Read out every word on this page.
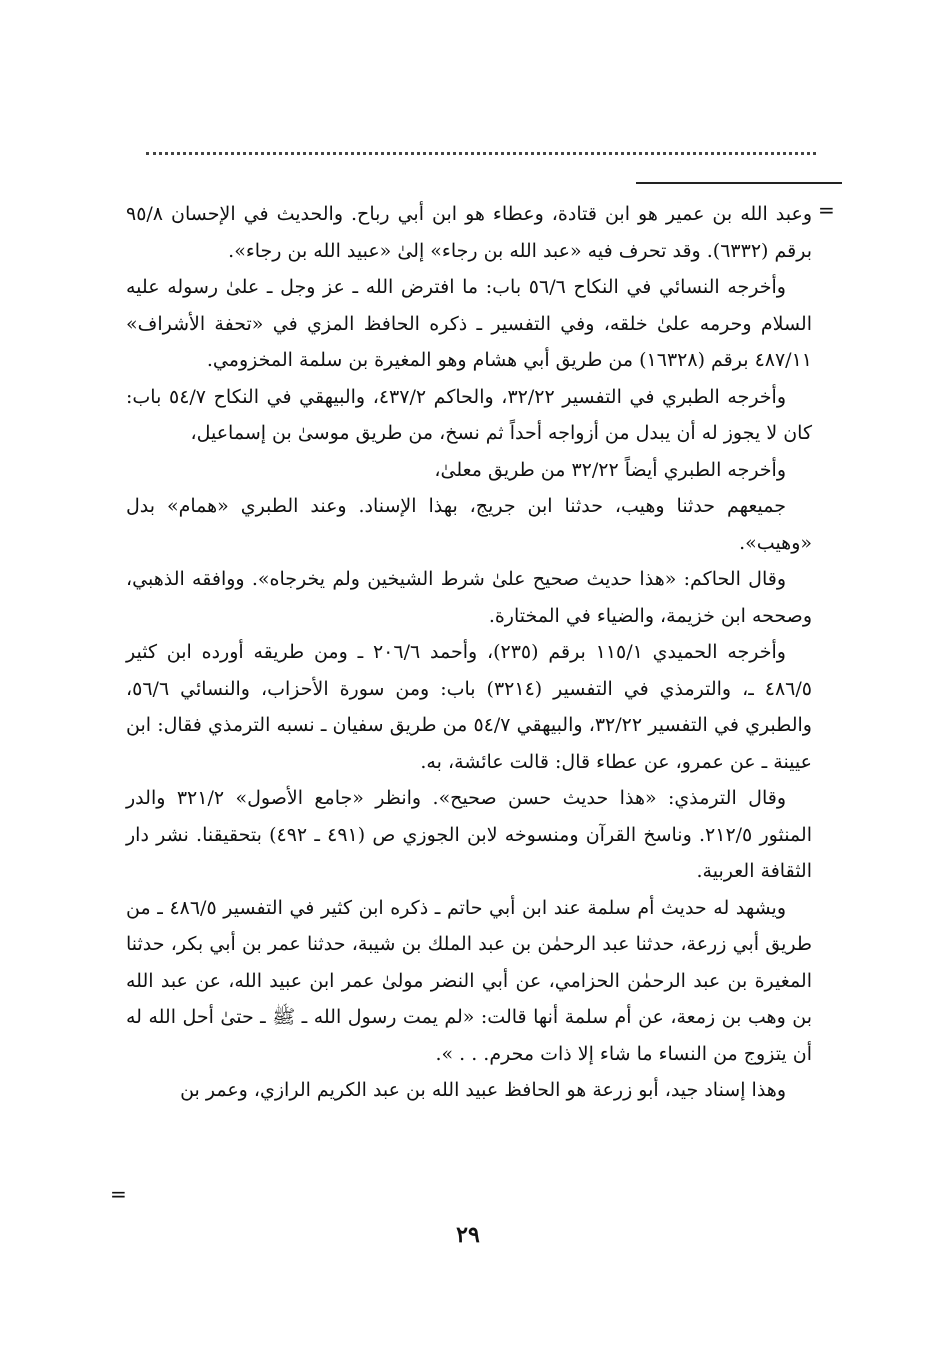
=

وعبد الله بن عمير هو ابن قتادة، وعطاء هو ابن أبي رباح. والحديث في الإحسان ٩٥/٨ برقم (٦٣٣٢). وقد تحرف فيه «عبد الله بن رجاء» إلىٰ «عبيد الله بن رجاء».

وأخرجه النسائي في النكاح ٥٦/٦ باب: ما افترض الله ـ عز وجل ـ علىٰ رسوله عليه السلام وحرمه علىٰ خلقه، وفي التفسير ـ ذكره الحافظ المزي في «تحفة الأشراف» ٤٨٧/١١ برقم (١٦٣٢٨) من طريق أبي هشام وهو المغيرة بن سلمة المخزومي.

وأخرجه الطبري في التفسير ٣٢/٢٢، والحاكم ٤٣٧/٢، والبيهقي في النكاح ٥٤/٧ باب: كان لا يجوز له أن يبدل من أزواجه أحداً ثم نسخ، من طريق موسىٰ بن إسماعيل،

وأخرجه الطبري أيضاً ٣٢/٢٢ من طريق معلىٰ،

جميعهم حدثنا وهيب، حدثنا ابن جريج، بهذا الإسناد. وعند الطبري «همام» بدل «وهيب».

وقال الحاكم: «هذا حديث صحيح علىٰ شرط الشيخين ولم يخرجاه». ووافقه الذهبي، وصححه ابن خزيمة، والضياء في المختارة.

وأخرجه الحميدي ١١٥/١ برقم (٢٣٥)، وأحمد ٢٠٦/٦ ـ ومن طريقه أورده ابن كثير ٤٨٦/٥ ـ، والترمذي في التفسير (٣٢١٤) باب: ومن سورة الأحزاب، والنسائي ٥٦/٦، والطبري في التفسير ٣٢/٢٢، والبيهقي ٥٤/٧ من طريق سفيان ـ نسبه الترمذي فقال: ابن عيينة ـ عن عمرو، عن عطاء قال: قالت عائشة، به.

وقال الترمذي: «هذا حديث حسن صحيح». وانظر «جامع الأصول» ٣٢١/٢ والدر المنثور ٢١٢/٥. وناسخ القرآن ومنسوخه لابن الجوزي ص (٤٩١ ـ ٤٩٢) بتحقيقنا. نشر دار الثقافة العربية.

ويشهد له حديث أم سلمة عند ابن أبي حاتم ـ ذكره ابن كثير في التفسير ٤٨٦/٥ ـ من طريق أبي زرعة، حدثنا عبد الرحمٰن بن عبد الملك بن شيبة، حدثنا عمر بن أبي بكر، حدثنا المغيرة بن عبد الرحمٰن الحزامي، عن أبي النضر مولىٰ عمر ابن عبيد الله، عن عبد الله بن وهب بن زمعة، عن أم سلمة أنها قالت: «لم يمت رسول الله ـ ﷺ ـ حتىٰ أحل الله له أن يتزوج من النساء ما شاء إلا ذات محرم. . . ».

وهذا إسناد جيد، أبو زرعة هو الحافظ عبيد الله بن عبد الكريم الرازي، وعمر بن

=
٢٩
